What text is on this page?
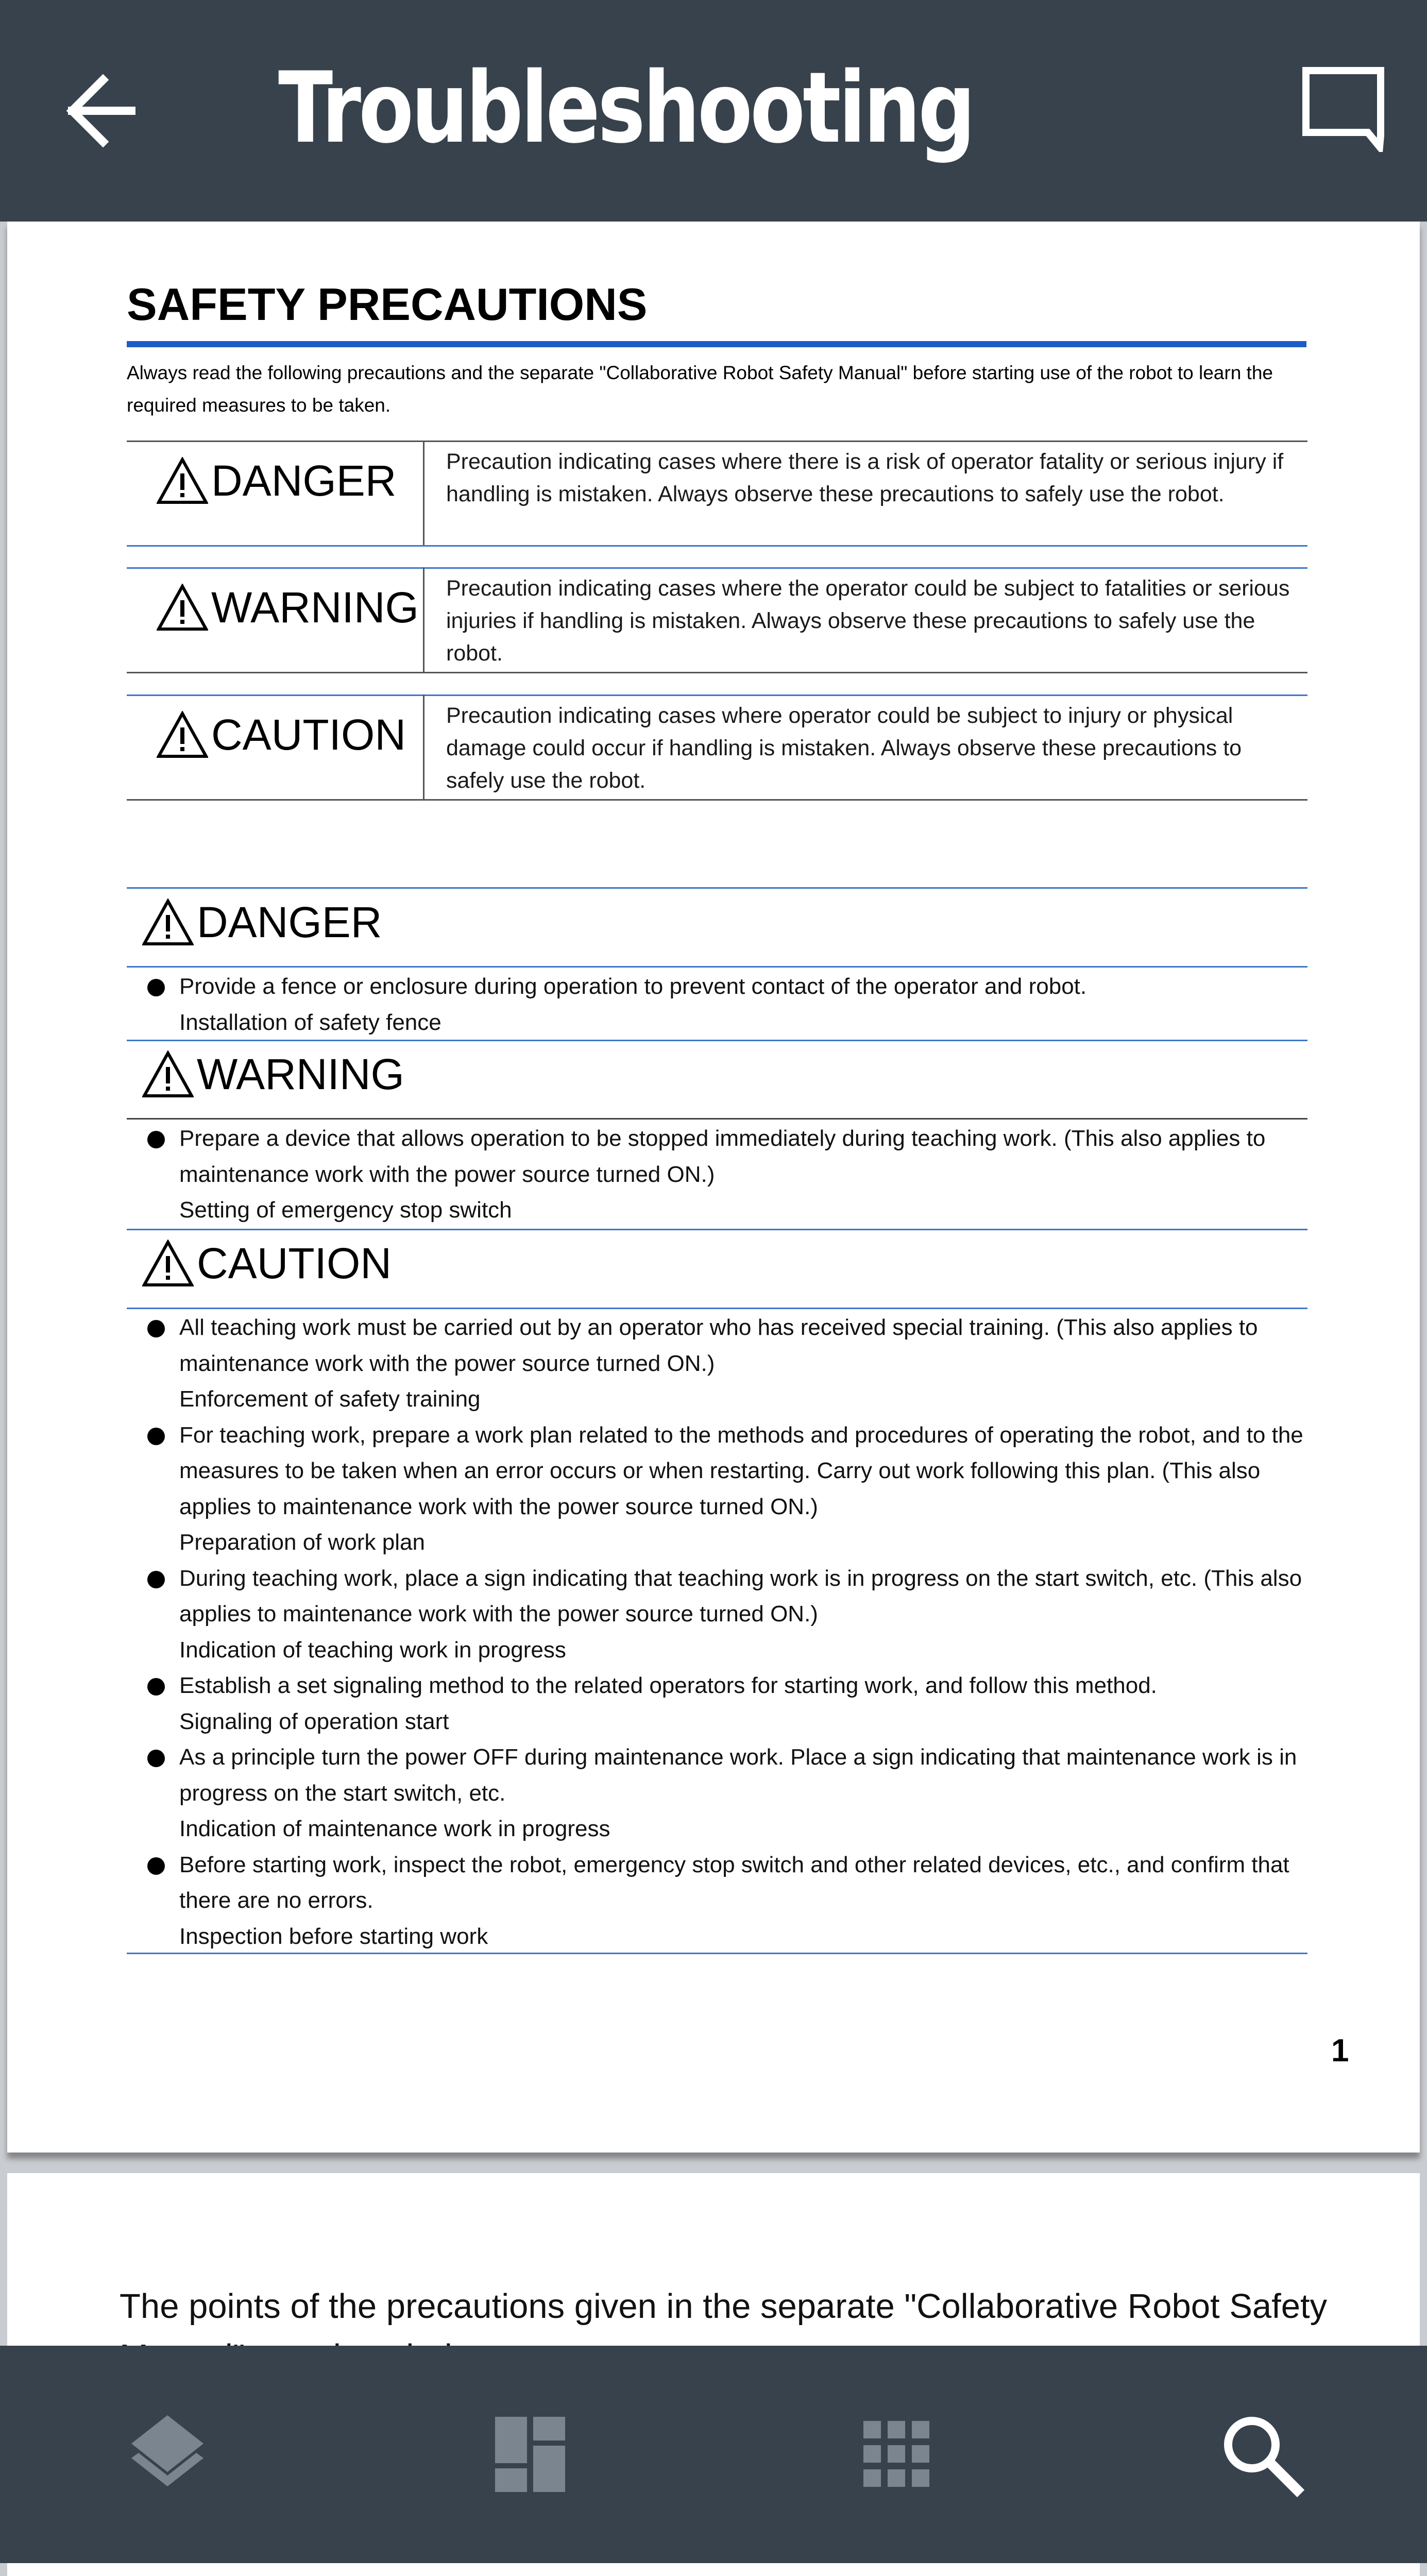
Troubleshooting
SAFETY PRECAUTIONS
Always read the following precautions and the separate "Collaborative Robot Safety Manual" before starting use of the robot to learn the required measures to be taken.
DANGER Precaution indicating cases where there is a risk of operator fatality or serious injury if handling is mistaken. Always observe these precautions to safely use the robot.
WARNING Precaution indicating cases where the operator could be subject to fatalities or serious injuries if handling is mistaken. Always observe these precautions to safely use the robot.
CAUTION Precaution indicating cases where operator could be subject to injury or physical damage could occur if handling is mistaken. Always observe these precautions to safely use the robot.
DANGER
Provide a fence or enclosure during operation to prevent contact of the operator and robot.
Installation of safety fence
WARNING
Prepare a device that allows operation to be stopped immediately during teaching work. (This also applies to maintenance work with the power source turned ON.)
Setting of emergency stop switch
CAUTION
All teaching work must be carried out by an operator who has received special training. (This also applies to maintenance work with the power source turned ON.)
Enforcement of safety training
For teaching work, prepare a work plan related to the methods and procedures of operating the robot, and to the measures to be taken when an error occurs or when restarting. Carry out work following this plan. (This also applies to maintenance work with the power source turned ON.)
Preparation of work plan
During teaching work, place a sign indicating that teaching work is in progress on the start switch, etc. (This also applies to maintenance work with the power source turned ON.)
Indication of teaching work in progress
Establish a set signaling method to the related operators for starting work, and follow this method.
Signaling of operation start
As a principle turn the power OFF during maintenance work. Place a sign indicating that maintenance work is in progress on the start switch, etc.
Indication of maintenance work in progress
Before starting work, inspect the robot, emergency stop switch and other related devices, etc., and confirm that there are no errors.
Inspection before starting work
1
The points of the precautions given in the separate "Collaborative Robot Safety
